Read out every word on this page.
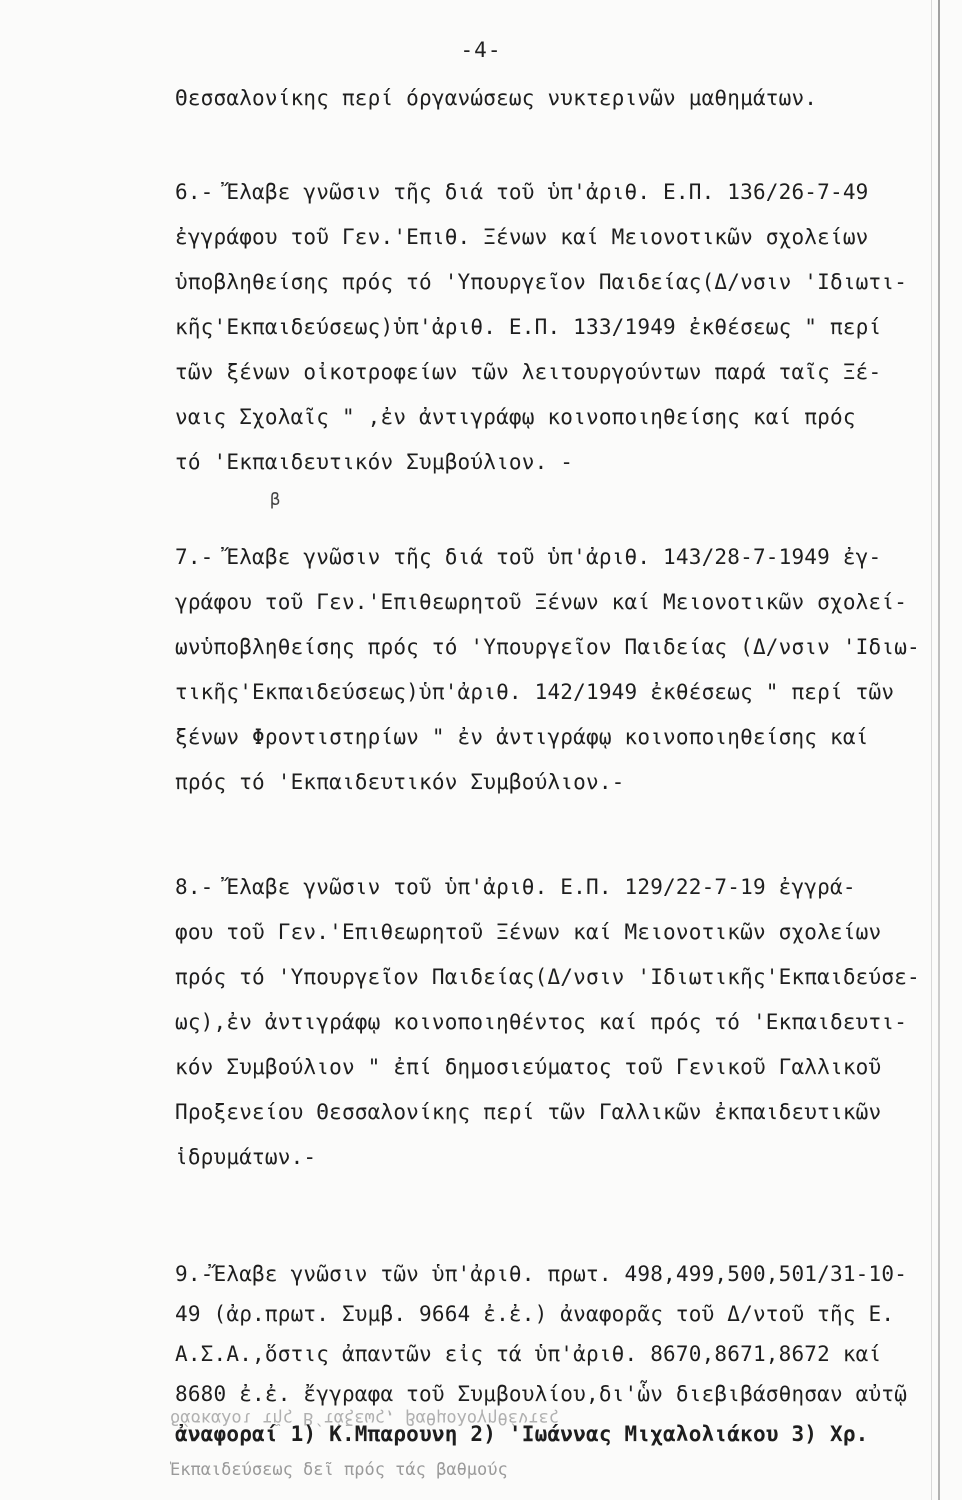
-4-
Θεσσαλονίκης περί όργανώσεως νυκτερινῶν μαθημάτων.
6.- Ἔλαβε γνῶσιν τῆς διά τοῦ ὑπ'ἀριθ. Ε.Π. 136/26-7-49
ἐγγράφου τοῦ Γεν.'Επιθ. Ξένων καί Μειονοτικῶν σχολείων
ὑποβληθείσης πρός τό 'Υπουργεῖον Παιδείας(Δ/νσιν 'Ιδιωτι-
κῆς'Εκπαιδεύσεως)ὑπ'ἀριθ. Ε.Π. 133/1949 ἐκθέσεως " περί
τῶν ξένων οἰκοτροφείων τῶν λειτουργούντων παρά ταῖς Ξέ-
ναις Σχολαῖς " ,ἐν ἀντιγράφῳ κοινοποιηθείσης καί πρός
τό 'Εκπαιδευτικόν Συμβούλιον. -
β
7.- Ἔλαβε γνῶσιν τῆς διά τοῦ ὑπ'ἀριθ. 143/28-7-1949 ἐγ-
γράφου τοῦ Γεν.'Επιθεωρητοῦ Ξένων καί Μειονοτικῶν σχολεί-
ωνὑποβληθείσης πρός τό 'Υπουργεῖον Παιδείας (Δ/νσιν 'Ιδιω-
τικῆς'Εκπαιδεύσεως)ὑπ'ἀριθ. 142/1949 ἐκθέσεως " περί τῶν
ξένων Φροντιστηρίων " ἐν ἀντιγράφῳ κοινοποιηθείσης καί
πρός τό 'Εκπαιδευτικόν Συμβούλιον.-
8.- Ἔλαβε γνῶσιν τοῦ ὑπ'ἀριθ. Ε.Π. 129/22-7-19 ἐγγρά-
φου τοῦ Γεν.'Επιθεωρητοῦ Ξένων καί Μειονοτικῶν σχολείων
πρός τό 'Υπουργεῖον Παιδείας(Δ/νσιν 'Ιδιωτικῆς'Εκπαιδεύσε-
ως),ἐν ἀντιγράφῳ κοινοποιηθέντος καί πρός τό 'Εκπαιδευτι-
κόν Συμβούλιον " ἐπί δημοσιεύματος τοῦ Γενικοῦ Γαλλικοῦ
Προξενείου Θεσσαλονίκης περί τῶν Γαλλικῶν ἐκπαιδευτικῶν
ἱδρυμάτων.-
9.-Ἔλαβε γνῶσιν τῶν ὑπ'ἀριθ. πρωτ. 498,499,500,501/31-10-
49 (ἀρ.πρωτ. Συμβ. 9664 ἐ.ἐ.) ἀναφορᾶς τοῦ Δ/ντοῦ τῆς Ε.
Α.Σ.Α.,ὅστις ἀπαντῶν εἰς τά ὑπ'ἀριθ. 8670,8671,8672 καί
8680 ἐ.ἐ. ἔγγραφα τοῦ Συμβουλίου,δι'ὧν διεβιβάσθησαν αὐτῷ
δάσκαλοι τῆς Β΄τάξεως, βαθμολογηθέντες
ἀναφοραί 1) Κ.Μπαρουνη 2) 'Ιωάννας Μιχαλολιάκου 3) Χρ.
Ἐκπαιδεύσεως δεῖ πρός τάς βαθμούς
